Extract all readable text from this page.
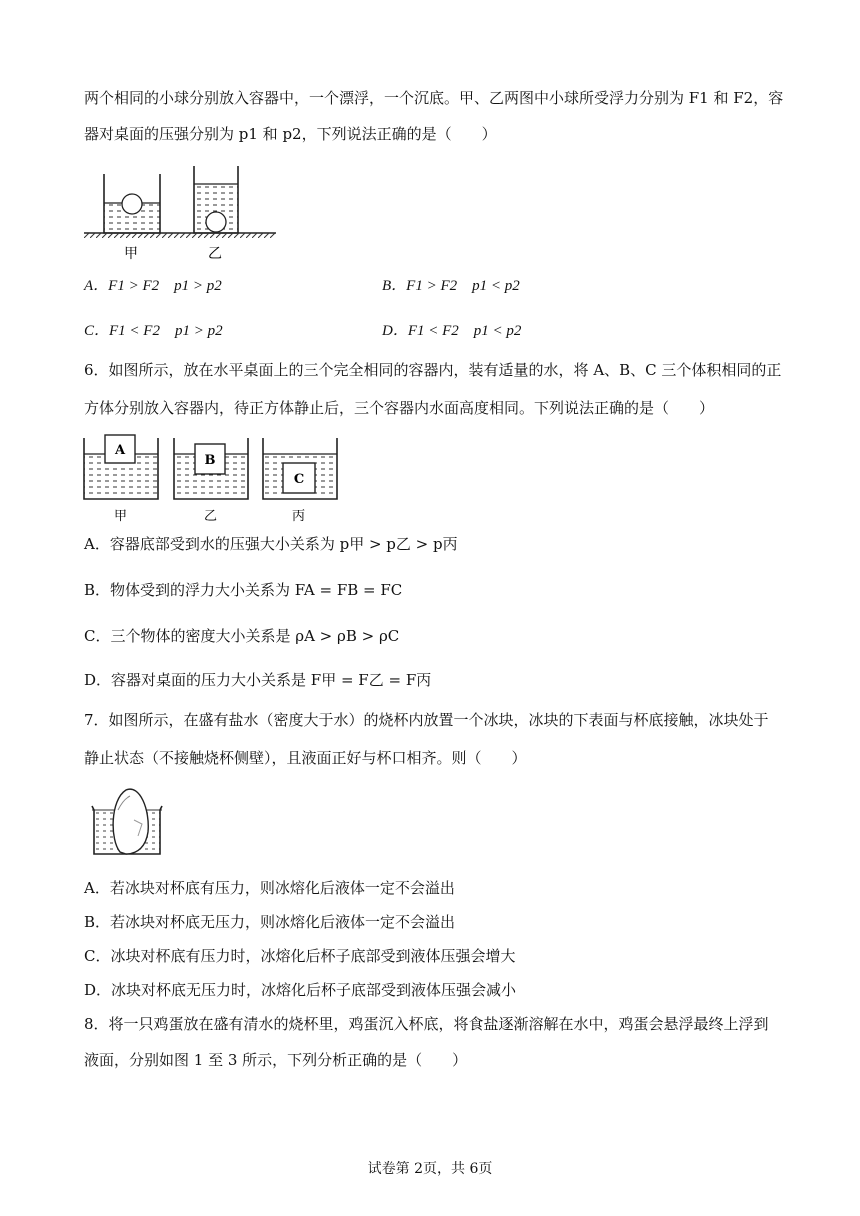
两个相同的小球分别放入容器中，一个漂浮，一个沉底。甲、乙两图中小球所受浮力分别为 F1 和 F2，容
器对桌面的压强分别为 p1 和 p2，下列说法正确的是（　　）
甲	乙
A．F1 > F2　p1 > p2	B．F1 > F2　p1 < p2
C．F1 < F2　p1 > p2	D．F1 < F2　p1 < p2
6．如图所示，放在水平桌面上的三个完全相同的容器内，装有适量的水，将 A、B、C 三个体积相同的正
方体分别放入容器内，待正方体静止后，三个容器内水面高度相同。下列说法正确的是（　　）
A
B
C
甲	乙	丙
A．容器底部受到水的压强大小关系为 p甲 > p乙 > p丙
B．物体受到的浮力大小关系为 FA = FB = FC
C．三个物体的密度大小关系是 ρA > ρB > ρC
D．容器对桌面的压力大小关系是 F甲 = F乙 = F丙
7．如图所示，在盛有盐水（密度大于水）的烧杯内放置一个冰块，冰块的下表面与杯底接触，冰块处于
静止状态（不接触烧杯侧壁），且液面正好与杯口相齐。则（　　）
A．若冰块对杯底有压力，则冰熔化后液体一定不会溢出
B．若冰块对杯底无压力，则冰熔化后液体一定不会溢出
C．冰块对杯底有压力时，冰熔化后杯子底部受到液体压强会增大
D．冰块对杯底无压力时，冰熔化后杯子底部受到液体压强会减小
8．将一只鸡蛋放在盛有清水的烧杯里，鸡蛋沉入杯底，将食盐逐渐溶解在水中，鸡蛋会悬浮最终上浮到
液面，分别如图 1 至 3 所示，下列分析正确的是（　　）
试卷第 2页，共 6页
